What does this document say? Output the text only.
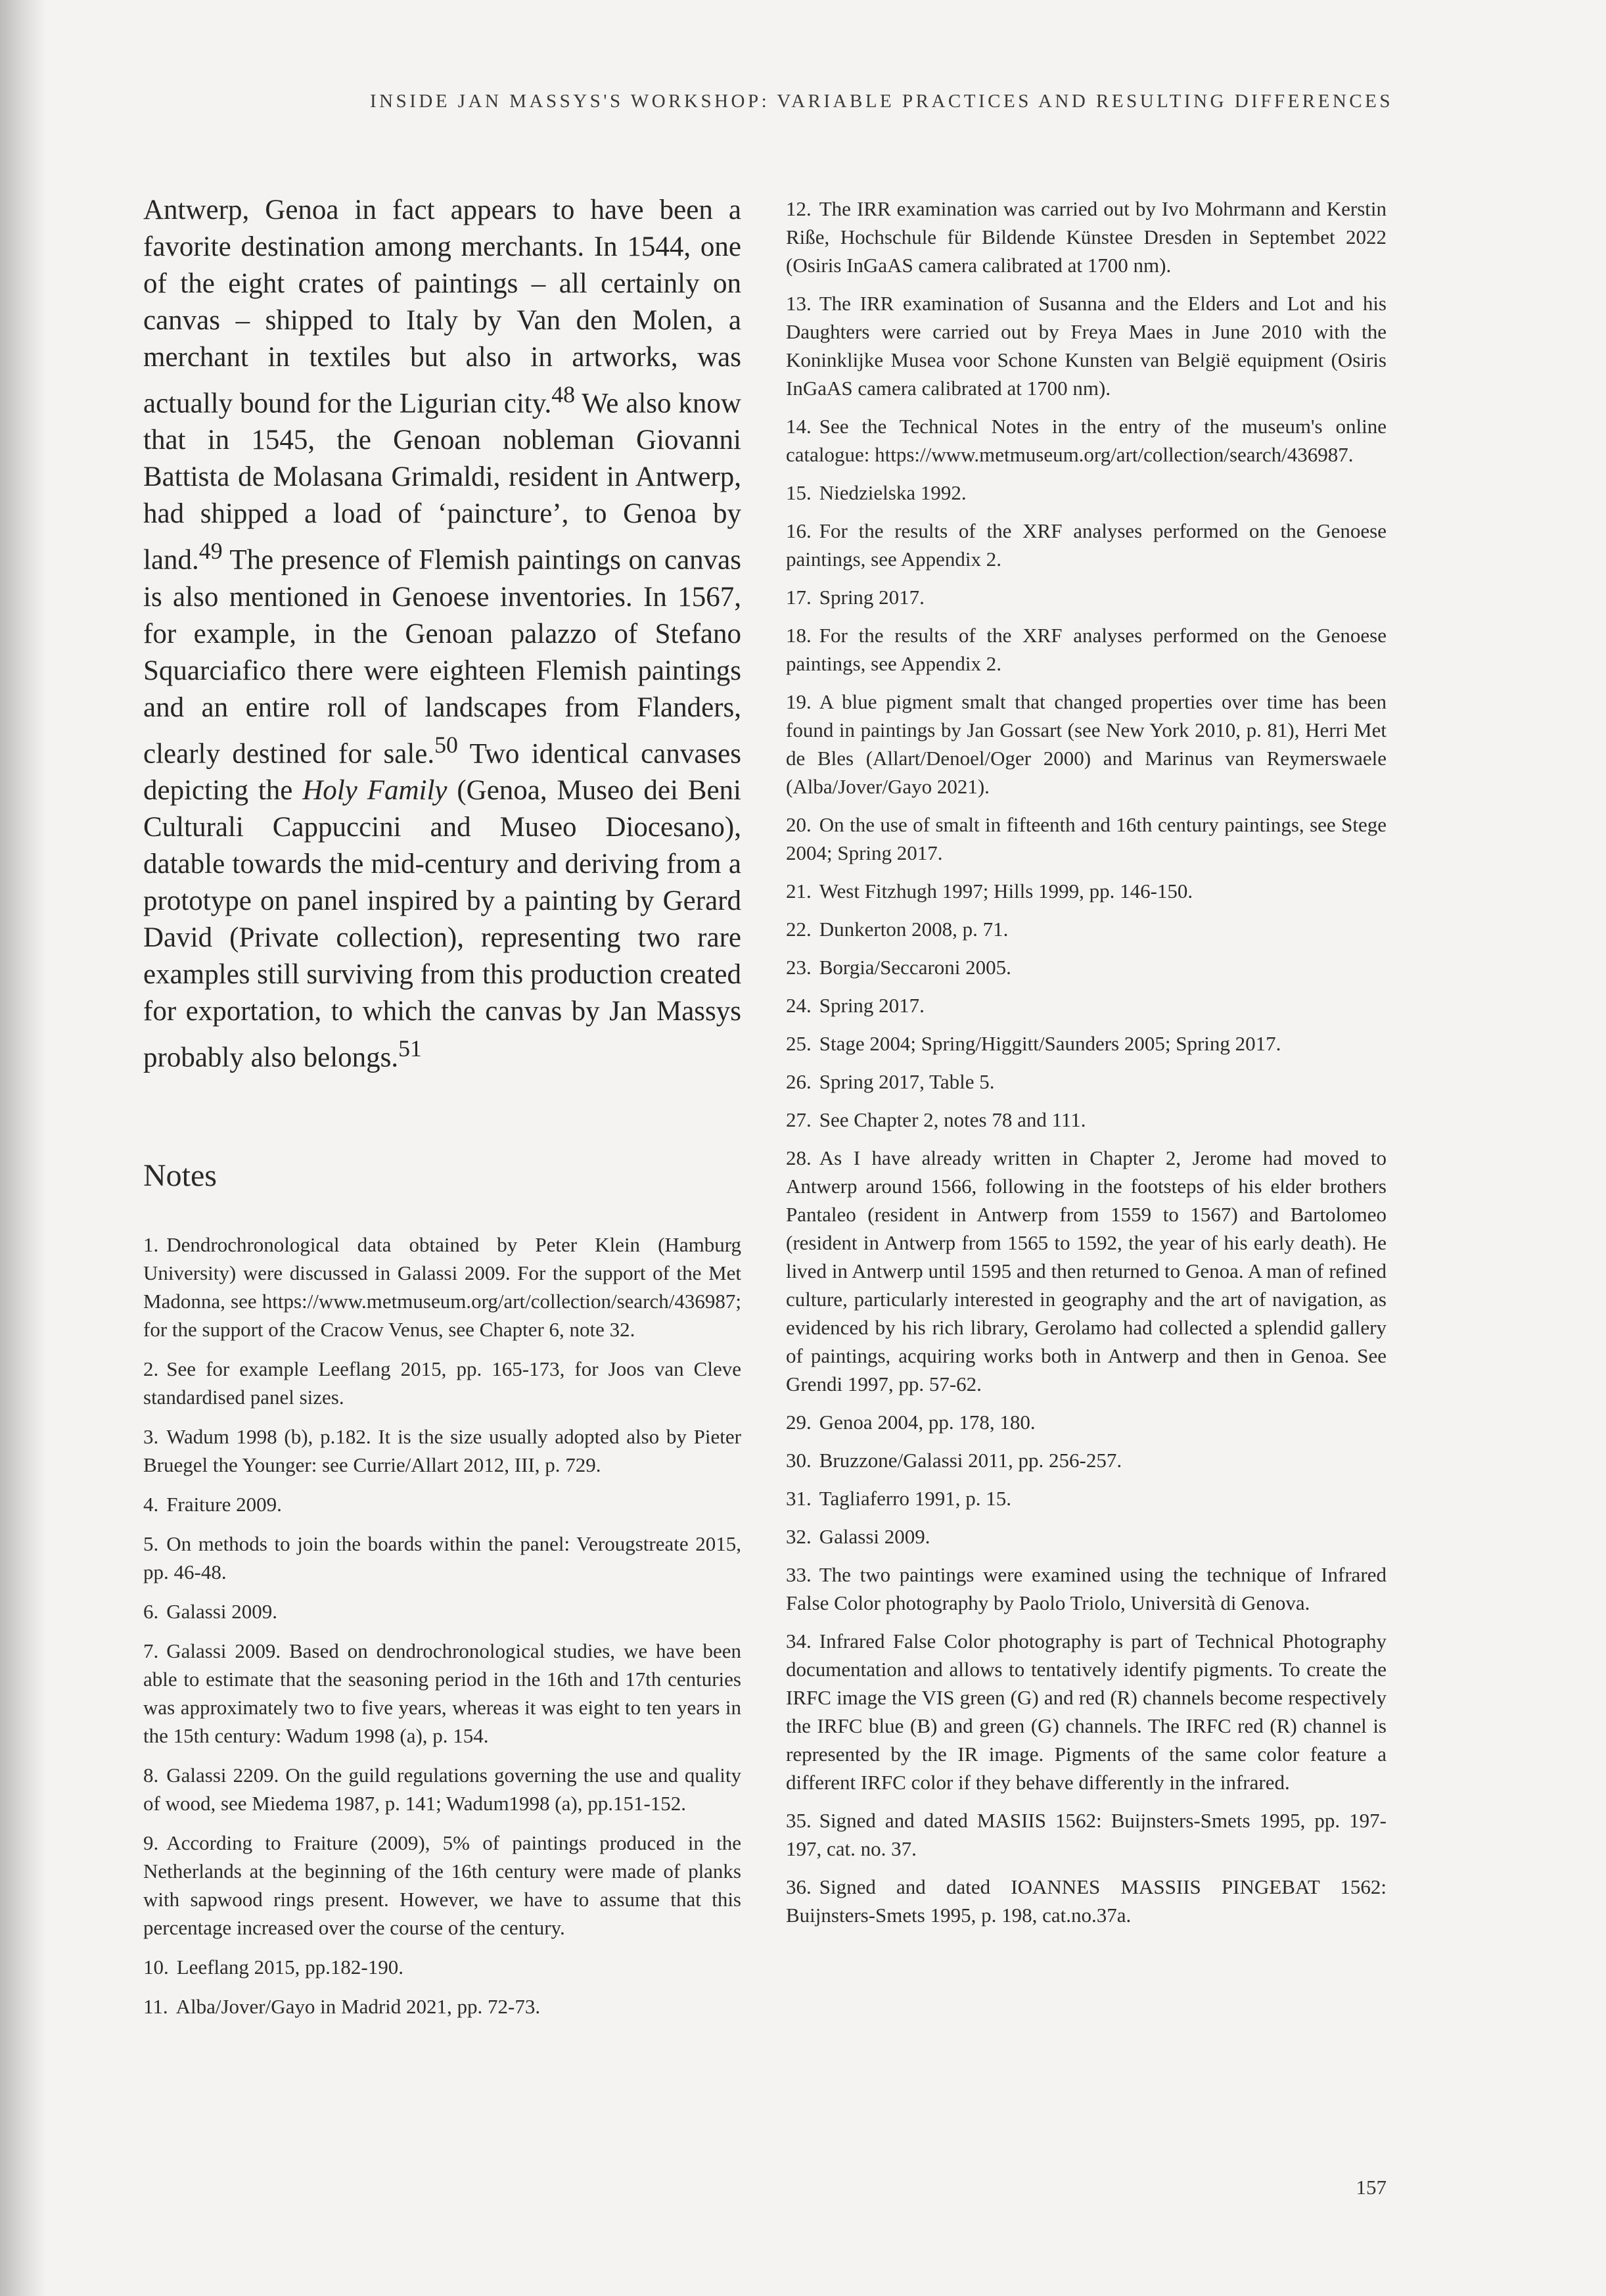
INSIDE JAN MASSYS'S WORKSHOP: VARIABLE PRACTICES AND RESULTING DIFFERENCES

Antwerp, Genoa in fact appears to have been a favorite destination among merchants. In 1544, one of the eight crates of paintings – all certainly on canvas – shipped to Italy by Van den Molen, a merchant in textiles but also in artworks, was actually bound for the Ligurian city.$^{48}$ We also know that in 1545, the Genoan nobleman Giovanni Battista de Molasana Grimaldi, resident in Antwerp, had shipped a load of ‘paincture’, to Genoa by land.$^{49}$ The presence of Flemish paintings on canvas is also mentioned in Genoese inventories. In 1567, for example, in the Genoan palazzo of Stefano Squarciafico there were eighteen Flemish paintings and an entire roll of landscapes from Flanders, clearly destined for sale.$^{50}$ Two identical canvases depicting the Holy Family (Genoa, Museo dei Beni Culturali Cappuccini and Museo Diocesano), datable towards the mid-century and deriving from a prototype on panel inspired by a painting by Gerard David (Private collection), representing two rare examples still surviving from this production created for exportation, to which the canvas by Jan Massys probably also belongs.$^{51}$

Notes
1. Dendrochronological data obtained by Peter Klein (Hamburg University) were discussed in Galassi 2009. For the support of the Met Madonna, see https://www.metmuseum.org/art/collection/search/436987; for the support of the Cracow Venus, see Chapter 6, note 32.
2. See for example Leeflang 2015, pp. 165-173, for Joos van Cleve standardised panel sizes.
3. Wadum 1998 (b), p.182. It is the size usually adopted also by Pieter Bruegel the Younger: see Currie/Allart 2012, III, p. 729.
4. Fraiture 2009.
5. On methods to join the boards within the panel: Verougstreate 2015, pp. 46-48.
6. Galassi 2009.
7. Galassi 2009. Based on dendrochronological studies, we have been able to estimate that the seasoning period in the 16th and 17th centuries was approximately two to five years, whereas it was eight to ten years in the 15th century: Wadum 1998 (a), p. 154.
8. Galassi 2209. On the guild regulations governing the use and quality of wood, see Miedema 1987, p. 141; Wadum1998 (a), pp.151-152.
9. According to Fraiture (2009), 5% of paintings produced in the Netherlands at the beginning of the 16th century were made of planks with sapwood rings present. However, we have to assume that this percentage increased over the course of the century.
10. Leeflang 2015, pp.182-190.
11. Alba/Jover/Gayo in Madrid 2021, pp. 72-73.
12. The IRR examination was carried out by Ivo Mohrmann and Kerstin Riße, Hochschule für Bildende Künstee Dresden in Septembet 2022 (Osiris InGaAS camera calibrated at 1700 nm).
13. The IRR examination of Susanna and the Elders and Lot and his Daughters were carried out by Freya Maes in June 2010 with the Koninklijke Musea voor Schone Kunsten van België equipment (Osiris InGaAS camera calibrated at 1700 nm).
14. See the Technical Notes in the entry of the museum's online catalogue: https://www.metmuseum.org/art/collection/search/436987.
15. Niedzielska 1992.
16. For the results of the XRF analyses performed on the Genoese paintings, see Appendix 2.
17. Spring 2017.
18. For the results of the XRF analyses performed on the Genoese paintings, see Appendix 2.
19. A blue pigment smalt that changed properties over time has been found in paintings by Jan Gossart (see New York 2010, p. 81), Herri Met de Bles (Allart/Denoel/Oger 2000) and Marinus van Reymerswaele (Alba/Jover/Gayo 2021).
20. On the use of smalt in fifteenth and 16th century paintings, see Stege 2004; Spring 2017.
21. West Fitzhugh 1997; Hills 1999, pp. 146-150.
22. Dunkerton 2008, p. 71.
23. Borgia/Seccaroni 2005.
24. Spring 2017.
25. Stage 2004; Spring/Higgitt/Saunders 2005; Spring 2017.
26. Spring 2017, Table 5.
27. See Chapter 2, notes 78 and 111.
28. As I have already written in Chapter 2, Jerome had moved to Antwerp around 1566, following in the footsteps of his elder brothers Pantaleo (resident in Antwerp from 1559 to 1567) and Bartolomeo (resident in Antwerp from 1565 to 1592, the year of his early death). He lived in Antwerp until 1595 and then returned to Genoa. A man of refined culture, particularly interested in geography and the art of navigation, as evidenced by his rich library, Gerolamo had collected a splendid gallery of paintings, acquiring works both in Antwerp and then in Genoa. See Grendi 1997, pp. 57-62.
29. Genoa 2004, pp. 178, 180.
30. Bruzzone/Galassi 2011, pp. 256-257.
31. Tagliaferro 1991, p. 15.
32. Galassi 2009.
33. The two paintings were examined using the technique of Infrared False Color photography by Paolo Triolo, Università di Genova.
34. Infrared False Color photography is part of Technical Photography documentation and allows to tentatively identify pigments. To create the IRFC image the VIS green (G) and red (R) channels become respectively the IRFC blue (B) and green (G) channels. The IRFC red (R) channel is represented by the IR image. Pigments of the same color feature a different IRFC color if they behave differently in the infrared.
35. Signed and dated MASIIS 1562: Buijnsters-Smets 1995, pp. 197-197, cat. no. 37.
36. Signed and dated IOANNES MASSIIS PINGEBAT 1562: Buijnsters-Smets 1995, p. 198, cat.no.37a.
157
